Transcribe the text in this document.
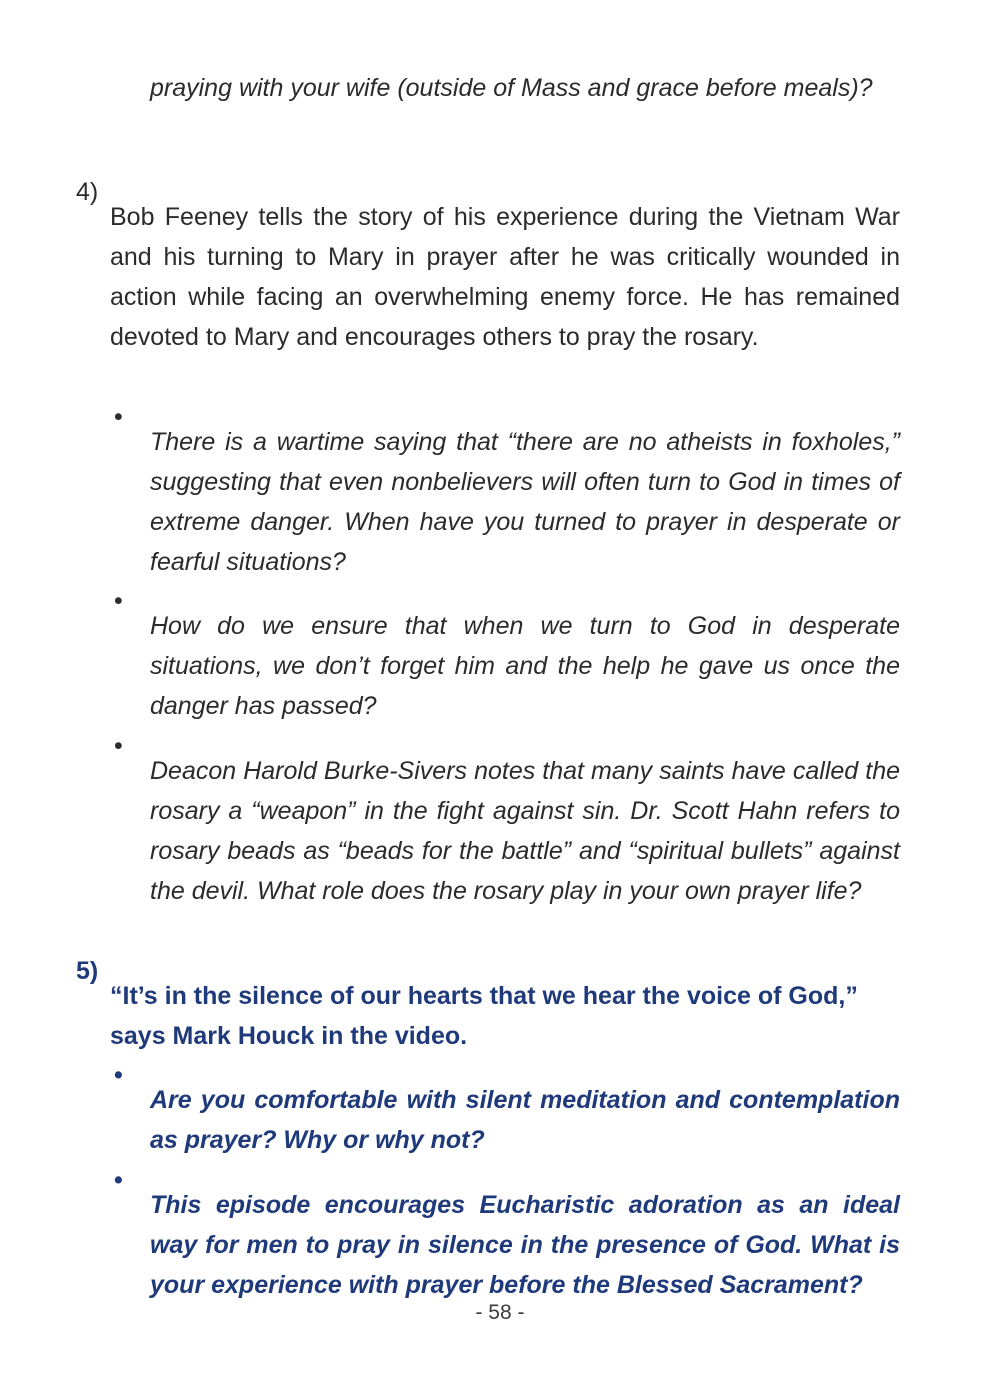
praying with your wife (outside of Mass and grace before meals)?

4)

Bob Feeney tells the story of his experience during the Vietnam War and his turning to Mary in prayer after he was critically wounded in action while facing an overwhelming enemy force. He has remained devoted to Mary and encourages others to pray the rosary.

•

There is a wartime saying that “there are no atheists in foxholes,” suggesting that even nonbelievers will often turn to God in times of extreme danger. When have you turned to prayer in desperate or fearful situations?

•

How do we ensure that when we turn to God in desperate situations, we don’t forget him and the help he gave us once the danger has passed?

•

Deacon Harold Burke-Sivers notes that many saints have called the rosary a “weapon” in the fight against sin. Dr. Scott Hahn refers to rosary beads as “beads for the battle” and “spiritual bullets” against the devil. What role does the rosary play in your own prayer life?

5)

“It’s in the silence of our hearts that we hear the voice of God,” says Mark Houck in the video.

•

Are you comfortable with silent meditation and contemplation as prayer? Why or why not?

•

This episode encourages Eucharistic adoration as an ideal way for men to pray in silence in the presence of God. What is your experience with prayer before the Blessed Sacrament?

- 58 -
